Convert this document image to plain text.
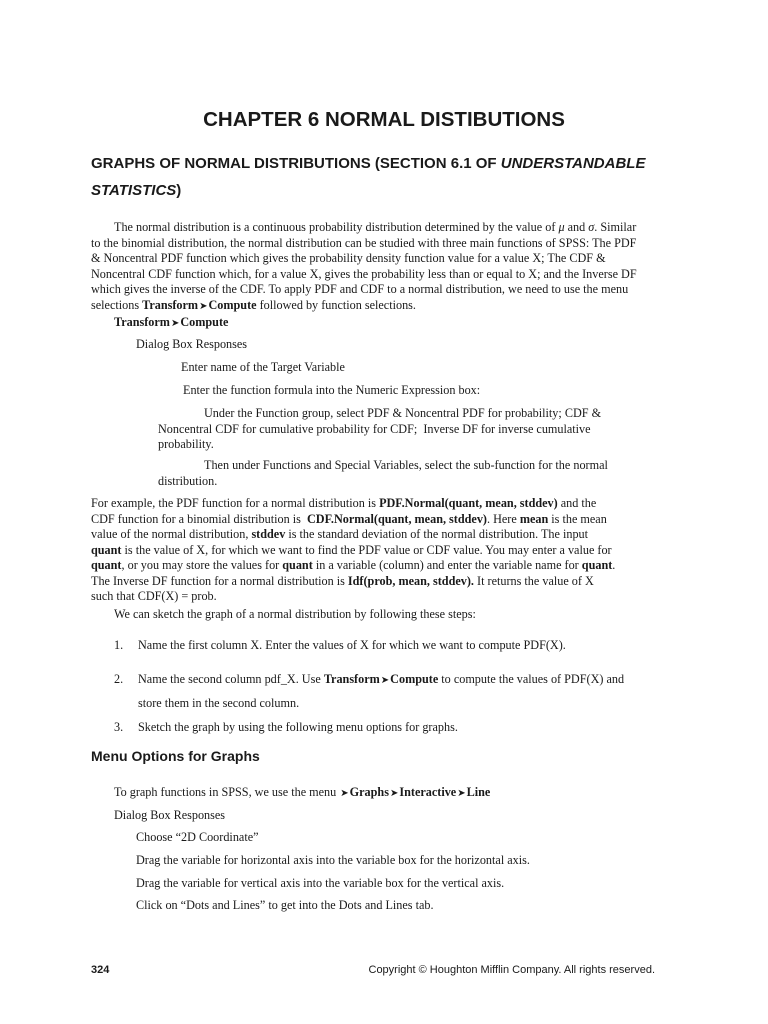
CHAPTER 6 NORMAL DISTIBUTIONS
GRAPHS OF NORMAL DISTRIBUTIONS (SECTION 6.1 OF UNDERSTANDABLE STATISTICS)
The normal distribution is a continuous probability distribution determined by the value of μ and σ. Similar
to the binomial distribution, the normal distribution can be studied with three main functions of SPSS: The PDF
& Noncentral PDF function which gives the probability density function value for a value X; The CDF &
Noncentral CDF function which, for a value X, gives the probability less than or equal to X; and the Inverse DF
which gives the inverse of the CDF. To apply PDF and CDF to a normal distribution, we need to use the menu
selections Transform➤Compute followed by function selections.
Transform➤Compute
Dialog Box Responses
Enter name of the Target Variable
Enter the function formula into the Numeric Expression box:
Under the Function group, select PDF & Noncentral PDF for probability; CDF &
Noncentral CDF for cumulative probability for CDF;  Inverse DF for inverse cumulative
probability.
Then under Functions and Special Variables, select the sub-function for the normal
distribution.
For example, the PDF function for a normal distribution is PDF.Normal(quant, mean, stddev) and the
CDF function for a binomial distribution is  CDF.Normal(quant, mean, stddev). Here mean is the mean
value of the normal distribution, stddev is the standard deviation of the normal distribution. The input
quant is the value of X, for which we want to find the PDF value or CDF value. You may enter a value for
quant, or you may store the values for quant in a variable (column) and enter the variable name for quant.
The Inverse DF function for a normal distribution is Idf(prob, mean, stddev). It returns the value of X
such that CDF(X) = prob.
We can sketch the graph of a normal distribution by following these steps:
1. Name the first column X. Enter the values of X for which we want to compute PDF(X).
2. Name the second column pdf_X. Use Transform➤Compute to compute the values of PDF(X) and
store them in the second column.
3. Sketch the graph by using the following menu options for graphs.
Menu Options for Graphs
To graph functions in SPSS, we use the menu ➤Graphs➤Interactive➤Line
Dialog Box Responses
Choose “2D Coordinate”
Drag the variable for horizontal axis into the variable box for the horizontal axis.
Drag the variable for vertical axis into the variable box for the vertical axis.
Click on “Dots and Lines” to get into the Dots and Lines tab.
324	Copyright © Houghton Mifflin Company. All rights reserved.
